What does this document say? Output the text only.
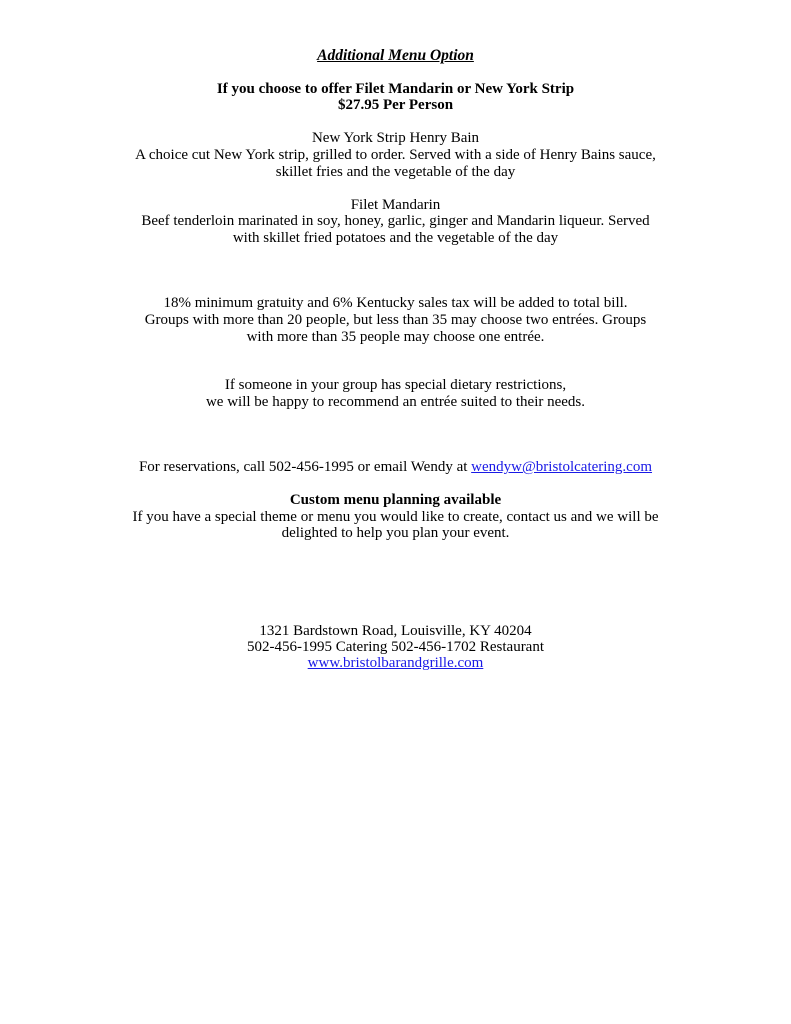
Additional Menu Option
If you choose to offer Filet Mandarin or New York Strip
$27.95 Per Person
New York Strip Henry Bain
A choice cut New York strip, grilled to order. Served with a side of Henry Bains sauce,
skillet fries and the vegetable of the day
Filet Mandarin
Beef tenderloin marinated in soy, honey, garlic, ginger and Mandarin liqueur. Served
with skillet fried potatoes and the vegetable of the day
18% minimum gratuity and 6% Kentucky sales tax will be added to total bill.
Groups with more than 20 people, but less than 35 may choose two entrées. Groups
with more than 35 people may choose one entrée.
If someone in your group has special dietary restrictions,
we will be happy to recommend an entrée suited to their needs.
For reservations, call 502-456-1995 or email Wendy at wendyw@bristolcatering.com
Custom menu planning available
If you have a special theme or menu you would like to create, contact us and we will be
delighted to help you plan your event.
1321 Bardstown Road, Louisville, KY 40204
502-456-1995 Catering 502-456-1702 Restaurant
www.bristolbarandgrille.com
